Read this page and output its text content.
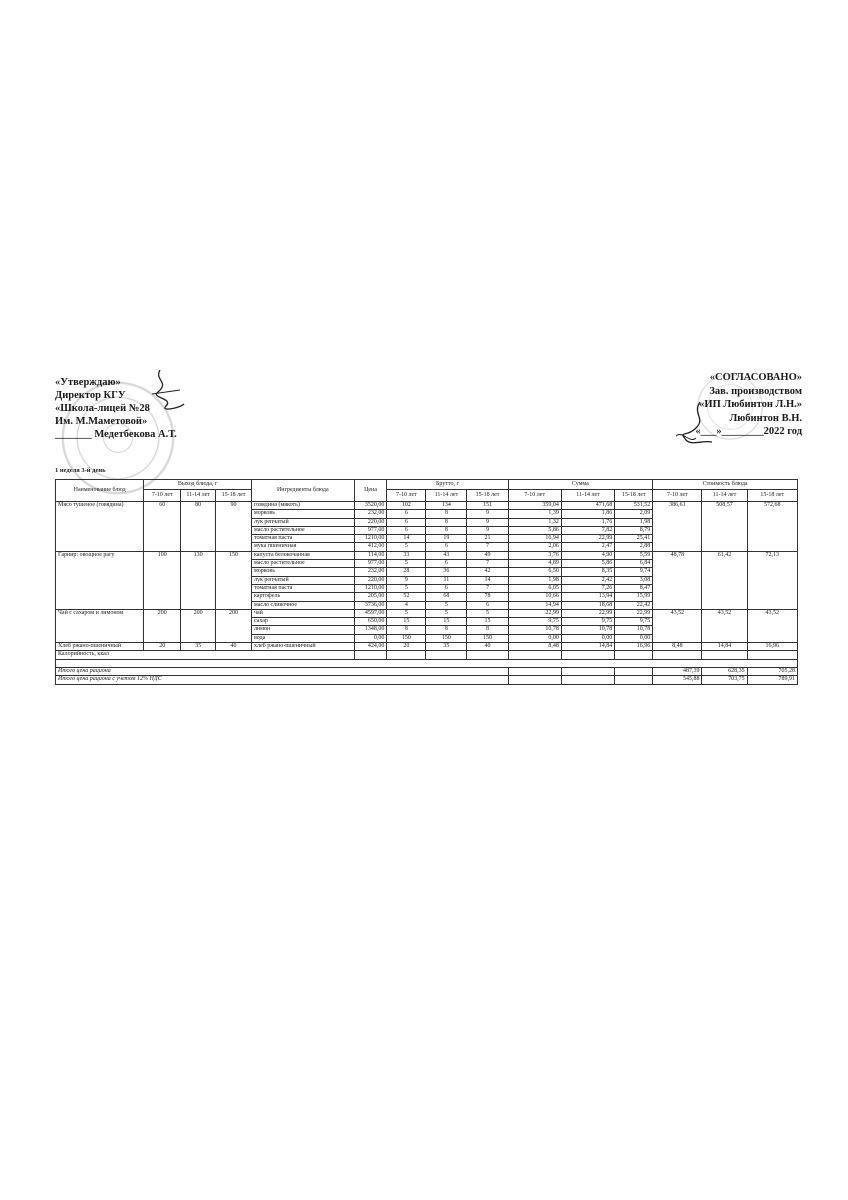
«Утверждаю»
Директор КГУ
«Школа-лицей №28
Им. М.Маметовой»
_______ Медетбекова А.Т.
«СОГЛАСОВАНО»
Зав. производством
«ИП Любинтон Л.Н.»
Любинтон В.Н.
«___»________2022 год
1 неделя 3-й день
Наименование блюд	Выход блюда, г			Ингредиенты блюда	Цена	Брутто, г			Сумма			Стоимость блюда		
	7-10 лет	11-14 лет	15-18 лет			7-10 лет	11-14 лет	15-18 лет	7-10 лет	11-14 лет	15-18 лет	7-10 лет	11-14 лет	15-18 лет
Мясо тушеное (говядина)	60	80	90	говядина (мякоть)	3520,00	102	134	151	359,04	471,68	531,52	386,61	508,57	572,68
				морковь	232,00	6	8	9	1,39	1,86	2,09			
				лук репчатый	220,00	6	8	9	1,32	1,76	1,98			
				масло растительное	977,00	6	8	9	5,86	7,82	8,79			
				томатная паста	1210,00	14	19	21	16,94	22,99	25,41			
				мука пшеничная	412,00	5	6	7	2,06	2,47	2,88			
Гарнир: овощное рагу	100	130	150	капуста белокочанная	114,00	33	43	49	3,76	4,90	5,59	48,78	61,42	72,13
				масло растительное	977,00	5	6	7	4,89	5,86	6,84			
				морковь	232,00	28	36	42	6,50	8,35	9,74			
				лук репчатый	220,00	9	11	14	1,98	2,42	3,08			
				томатная паста	1210,00	5	6	7	6,05	7,26	8,47			
				картофель	205,00	52	68	78	10,66	13,94	15,99			
				масло сливочное	3736,00	4	5	6	14,94	18,68	22,42			
Чай с сахаром и лимоном	200	200	200	чай	4597,00	5	5	5	22,99	22,99	22,99	43,52	43,52	43,52
				сахар	650,00	15	15	15	9,75	9,75	9,75			
				лимон	1348,00	8	8	8	10,78	10,78	10,78			
				вода	0,00	150	150	150	0,00	0,00	0,00			
Хлеб ржано-пшеничный	20	35	40	хлеб ржано-пшеничный	424,00	20	35	40	8,48	14,84	16,96	8,48	14,84	16,96
Калорийность, ккал														

Итого цена рациона												487,39	628,35	705,28
Итого цена рациона с учетом 12% НДС												545,88	703,75	789,91
